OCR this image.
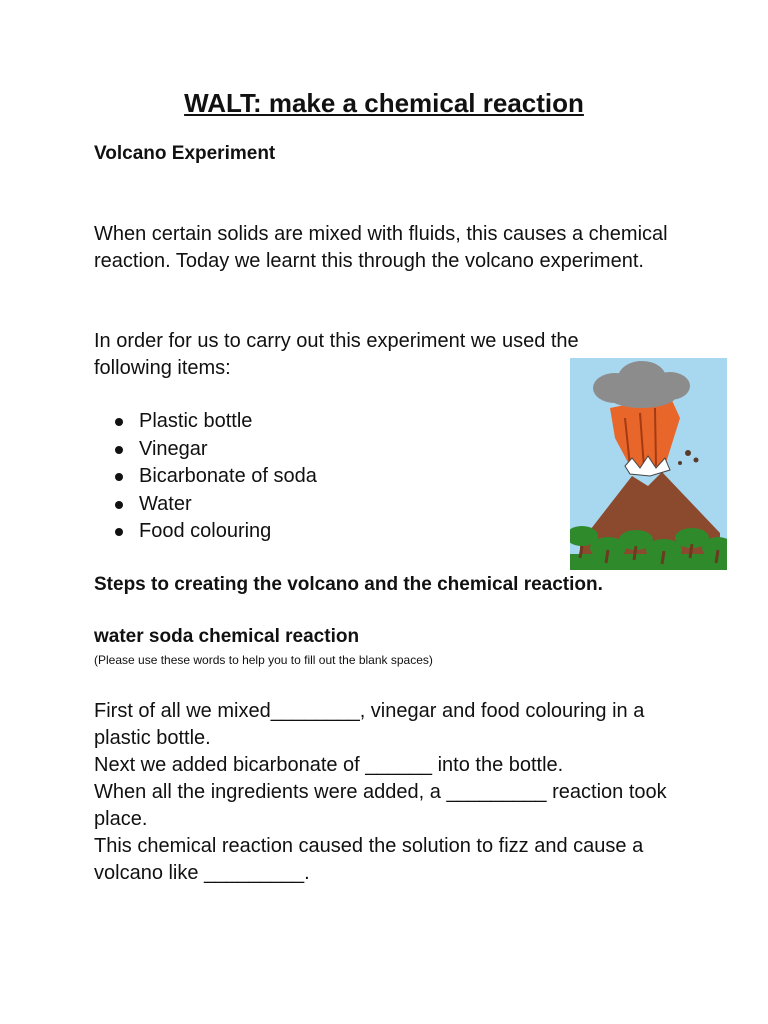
WALT: make a chemical reaction
Volcano Experiment

When certain solids are mixed with fluids, this causes a chemical reaction. Today we learnt this through the volcano experiment.

In order for us to carry out this experiment we used the following items:

Plastic bottle
Vinegar
Bicarbonate of soda
Water
Food colouring
Steps to creating the volcano and the chemical reaction.
water soda chemical reaction
(Please use these words to help you to fill out the blank spaces)
First of all we mixed________, vinegar and food colouring in a plastic bottle.
Next we added bicarbonate of ______ into the bottle.
When all the ingredients were added, a _________ reaction took place.
This chemical reaction caused the solution to fizz and cause a volcano like _________.
